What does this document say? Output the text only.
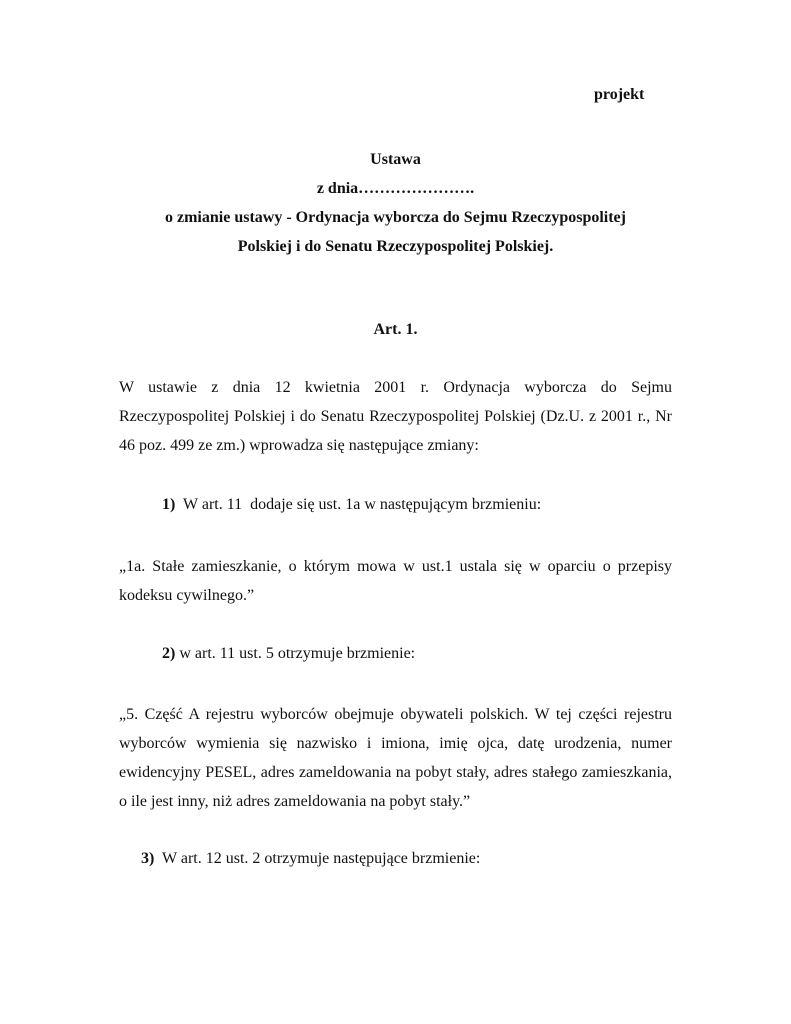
projekt
Ustawa
z dnia………………….
o zmianie ustawy - Ordynacja wyborcza do Sejmu Rzeczypospolitej
Polskiej i do Senatu Rzeczypospolitej Polskiej.
Art. 1.
W ustawie z dnia 12 kwietnia 2001 r. Ordynacja wyborcza do Sejmu Rzeczypospolitej Polskiej i do Senatu Rzeczypospolitej Polskiej (Dz.U. z 2001 r., Nr 46 poz. 499 ze zm.) wprowadza się następujące zmiany:
1)  W art. 11  dodaje się ust. 1a w następującym brzmieniu:
„1a. Stałe zamieszkanie, o którym mowa w ust.1 ustala się w oparciu o przepisy kodeksu cywilnego.”
2) w art. 11 ust. 5 otrzymuje brzmienie:
„5. Część A rejestru wyborców obejmuje obywateli polskich. W tej części rejestru wyborców wymienia się nazwisko i imiona, imię ojca, datę urodzenia, numer ewidencyjny PESEL, adres zameldowania na pobyt stały, adres stałego zamieszkania, o ile jest inny, niż adres zameldowania na pobyt stały.”
3)  W art. 12 ust. 2 otrzymuje następujące brzmienie:
